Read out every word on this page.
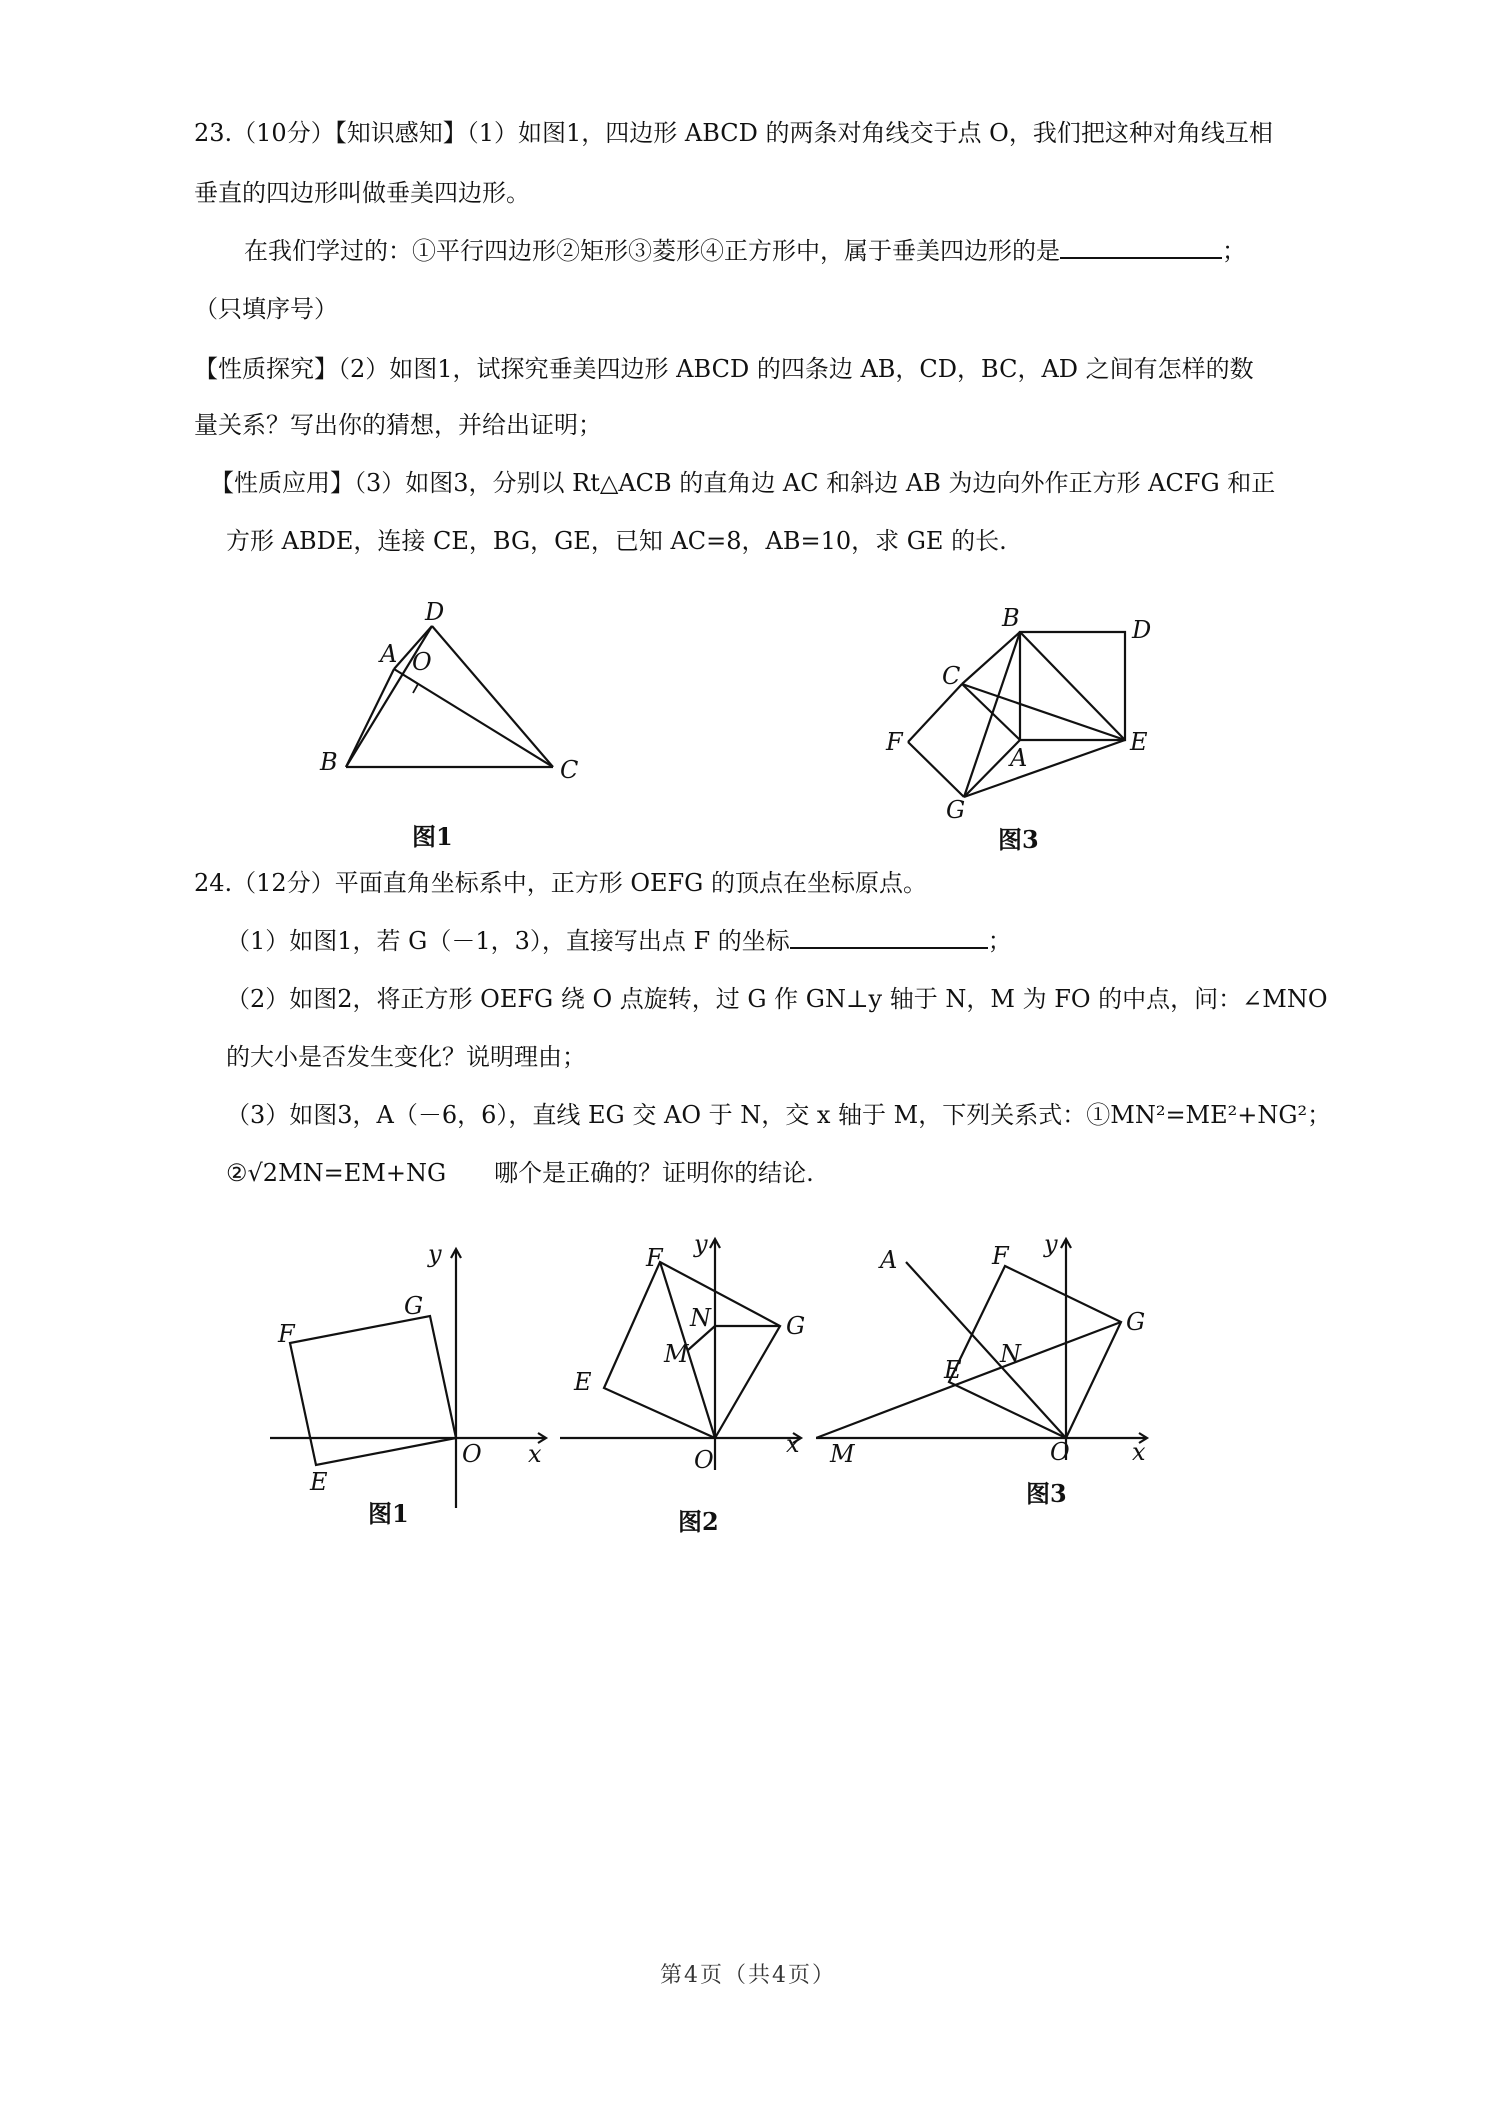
23.（10分）【知识感知】（1）如图1，四边形 ABCD 的两条对角线交于点 O，我们把这种对角线互相
垂直的四边形叫做垂美四边形。
在我们学过的：①平行四边形②矩形③菱形④正方形中，属于垂美四边形的是	；
（只填序号）
【性质探究】（2）如图1，试探究垂美四边形 ABCD 的四条边 AB，CD，BC，AD 之间有怎样的数
量关系？写出你的猜想，并给出证明；
【性质应用】（3）如图3，分别以 Rt△ACB 的直角边 AC 和斜边 AB 为边向外作正方形 ACFG 和正
方形 ABDE，连接 CE，BG，GE，已知 AC=8，AB=10，求 GE 的长.
A
D
O
B	C
图1
B	D
C
F	E
A
G
图3
24.（12分）平面直角坐标系中，正方形 OEFG 的顶点在坐标原点。
（1）如图1，若 G（－1，3），直接写出点 F 的坐标	；
（2）如图2，将正方形 OEFG 绕 O 点旋转，过 G 作 GN⊥y 轴于 N，M 为 FO 的中点，问：∠MNO
的大小是否发生变化？说明理由；
（3）如图3，A（－6，6），直线 EG 交 AO 于 N，交 x 轴于 M，下列关系式：①MN²=ME²+NG²；
②√2MN=EM+NG　　哪个是正确的？证明你的结论.
G
F
E
O x
y
图1
F
N
M
G
E
O
x
y
图2
A	F
G
N
E
M	O	x
y
图3
第4页（共4页）
